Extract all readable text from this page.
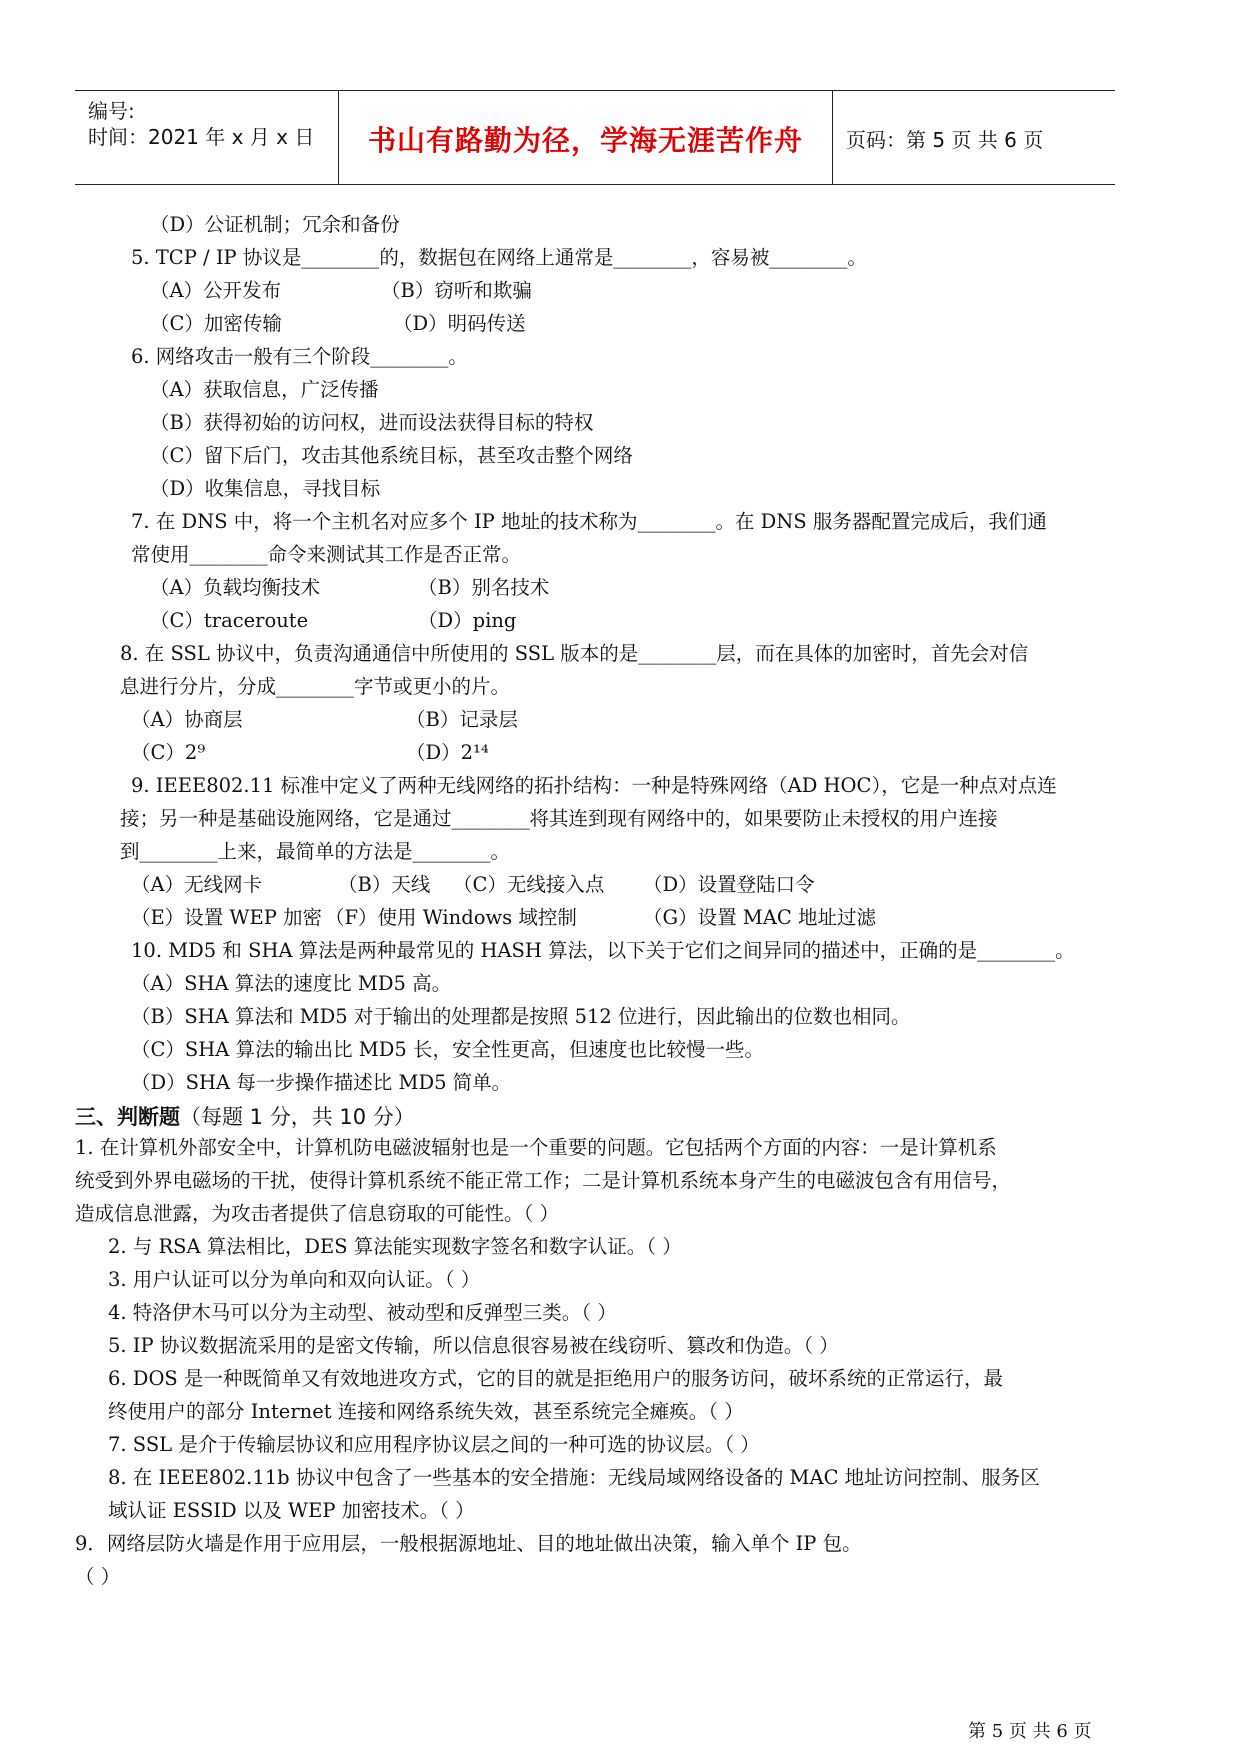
编号:
时间：2021 年 x 月 x 日	书山有路勤为径，学海无涯苦作舟	页码：第 5 页 共 6 页
（D）公证机制；冗余和备份
5. TCP / IP 协议是________的，数据包在网络上通常是________，容易被________。
（A）公开发布	（B）窃听和欺骗
（C）加密传输	（D）明码传送
6. 网络攻击一般有三个阶段________。
（A）获取信息，广泛传播
（B）获得初始的访问权，进而设法获得目标的特权
（C）留下后门，攻击其他系统目标，甚至攻击整个网络
（D）收集信息，寻找目标
7. 在 DNS 中，将一个主机名对应多个 IP 地址的技术称为________。在 DNS 服务器配置完成后，我们通
常使用________命令来测试其工作是否正常。
（A）负载均衡技术	（B）别名技术
（C）traceroute	（D）ping
8. 在 SSL 协议中，负责沟通通信中所使用的 SSL 版本的是________层，而在具体的加密时，首先会对信
息进行分片，分成________字节或更小的片。
（A）协商层	（B）记录层
（C）2⁹	（D）2¹⁴
9. IEEE802.11 标准中定义了两种无线网络的拓扑结构：一种是特殊网络（AD HOC），它是一种点对点连
接；另一种是基础设施网络，它是通过________将其连到现有网络中的，如果要防止未授权的用户连接
到________上来，最简单的方法是________。
（A）无线网卡	（B）天线 （C）无线接入点 （D）设置登陆口令
（E）设置 WEP 加密 （F）使用 Windows 域控制	（G）设置 MAC 地址过滤
10. MD5 和 SHA 算法是两种最常见的 HASH 算法，以下关于它们之间异同的描述中，正确的是________。
（A）SHA 算法的速度比 MD5 高。
（B）SHA 算法和 MD5 对于输出的处理都是按照 512 位进行，因此输出的位数也相同。
（C）SHA 算法的输出比 MD5 长，安全性更高，但速度也比较慢一些。
（D）SHA 每一步操作描述比 MD5 简单。
三、判断题（每题 1 分，共 10 分）
1. 在计算机外部安全中，计算机防电磁波辐射也是一个重要的问题。它包括两个方面的内容：一是计算机系
统受到外界电磁场的干扰，使得计算机系统不能正常工作；二是计算机系统本身产生的电磁波包含有用信号，
造成信息泄露，为攻击者提供了信息窃取的可能性。（ ）
2. 与 RSA 算法相比，DES 算法能实现数字签名和数字认证。（ ）
3. 用户认证可以分为单向和双向认证。（ ）
4. 特洛伊木马可以分为主动型、被动型和反弹型三类。（ ）
5. IP 协议数据流采用的是密文传输，所以信息很容易被在线窃听、篡改和伪造。（ ）
6. DOS 是一种既简单又有效地进攻方式，它的目的就是拒绝用户的服务访问，破坏系统的正常运行，最
终使用户的部分 Internet 连接和网络系统失效，甚至系统完全瘫痪。（ ）
7. SSL 是介于传输层协议和应用程序协议层之间的一种可选的协议层。（ ）
8. 在 IEEE802.11b 协议中包含了一些基本的安全措施：无线局域网络设备的 MAC 地址访问控制、服务区
域认证 ESSID 以及 WEP 加密技术。（ ）
9．网络层防火墙是作用于应用层，一般根据源地址、目的地址做出决策，输入单个 IP 包。
（ ）
第 5 页 共 6 页
